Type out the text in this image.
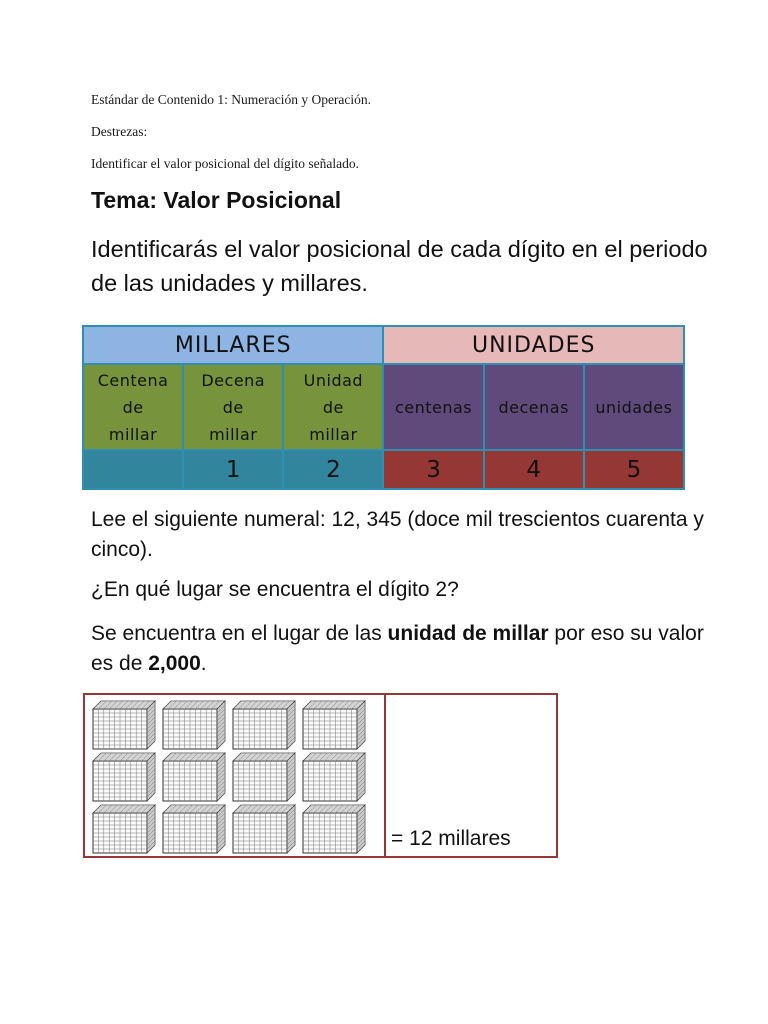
Estándar de Contenido 1: Numeración y Operación.
Destrezas:
Identificar el valor posicional del dígito señalado.
Tema: Valor Posicional
Identificarás el valor posicional de cada dígito en el periodo de las unidades y millares.
MILLARES			UNIDADES		
Centena
de
millar	Decena
de
millar	Unidad
de
millar	centenas	decenas	unidades
	1	2	3	4	5
Lee el siguiente numeral: 12, 345 (doce mil trescientos cuarenta y cinco).
¿En qué lugar se encuentra el dígito 2?
Se encuentra en el lugar de las unidad de millar por eso su valor es de 2,000.
= 12 millares
